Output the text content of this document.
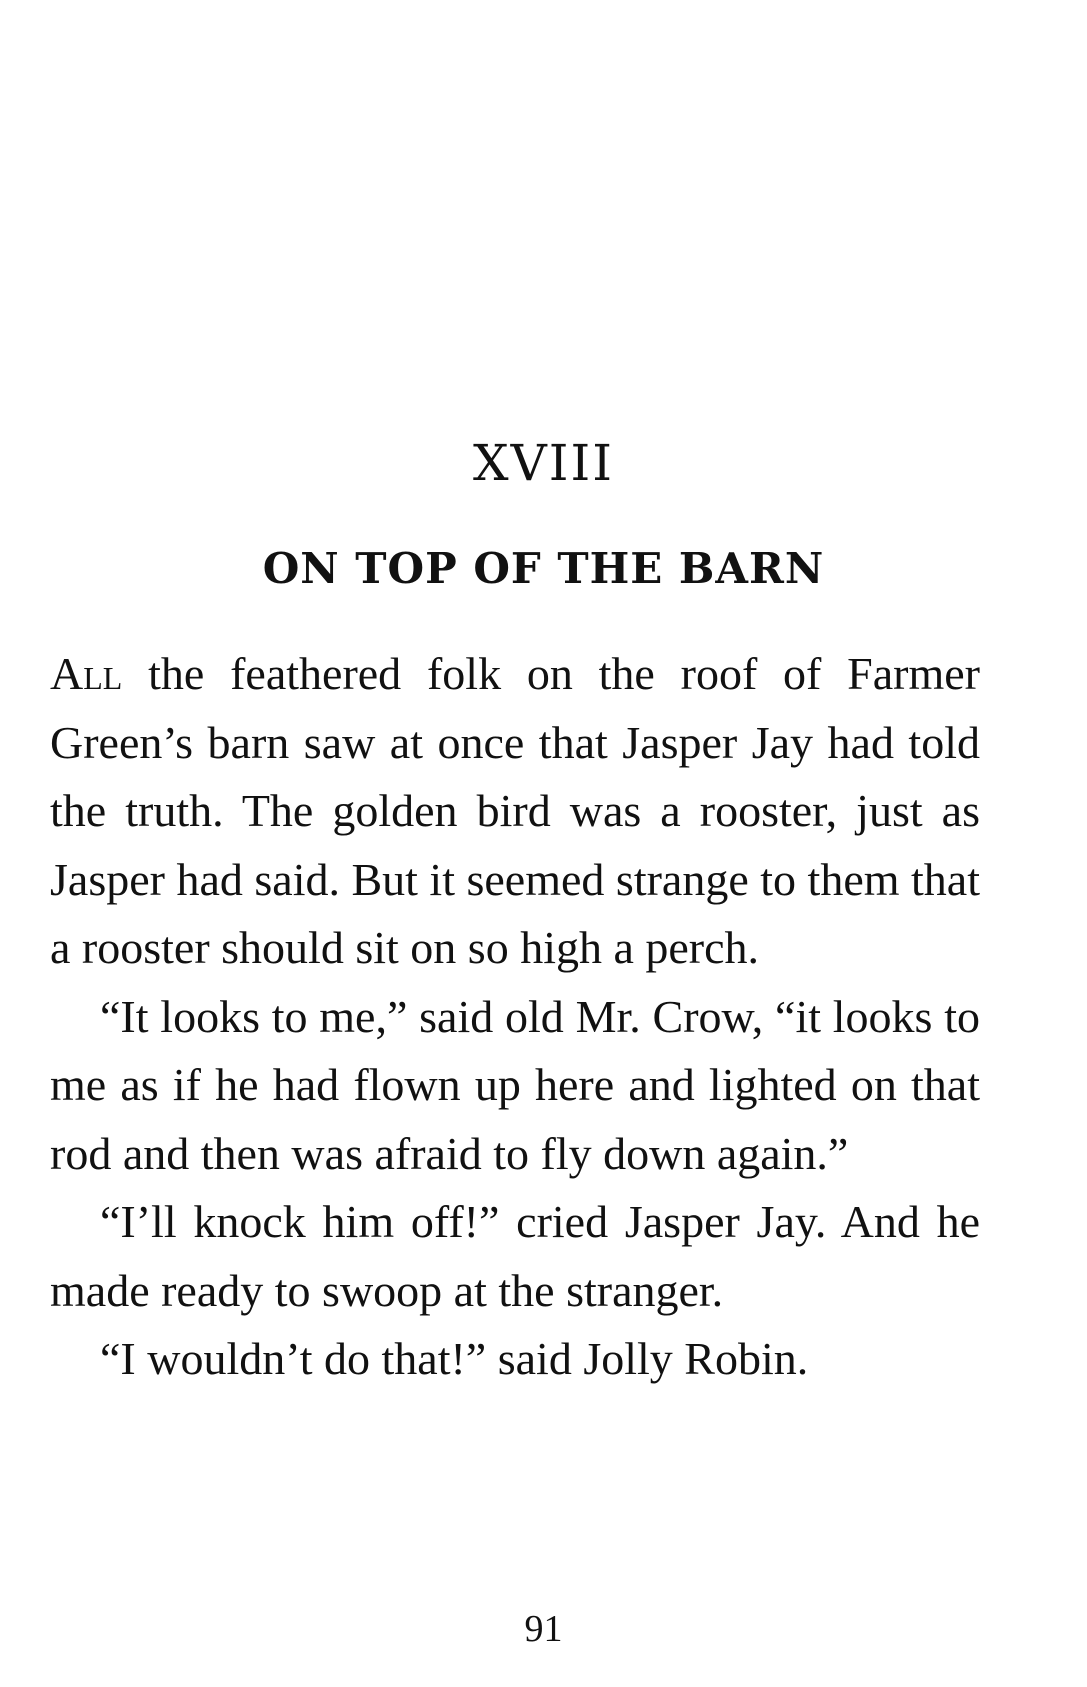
XVIII
ON TOP OF THE BARN

All the feathered folk on the roof of Farmer Green’s barn saw at once that Jasper Jay had told the truth. The golden bird was a rooster, just as Jasper had said. But it seemed strange to them that a rooster should sit on so high a perch.

“It looks to me,” said old Mr. Crow, “it looks to me as if he had flown up here and lighted on that rod and then was afraid to fly down again.”

“I’ll knock him off!” cried Jasper Jay. And he made ready to swoop at the stranger.

“I wouldn’t do that!” said Jolly Robin.

91
